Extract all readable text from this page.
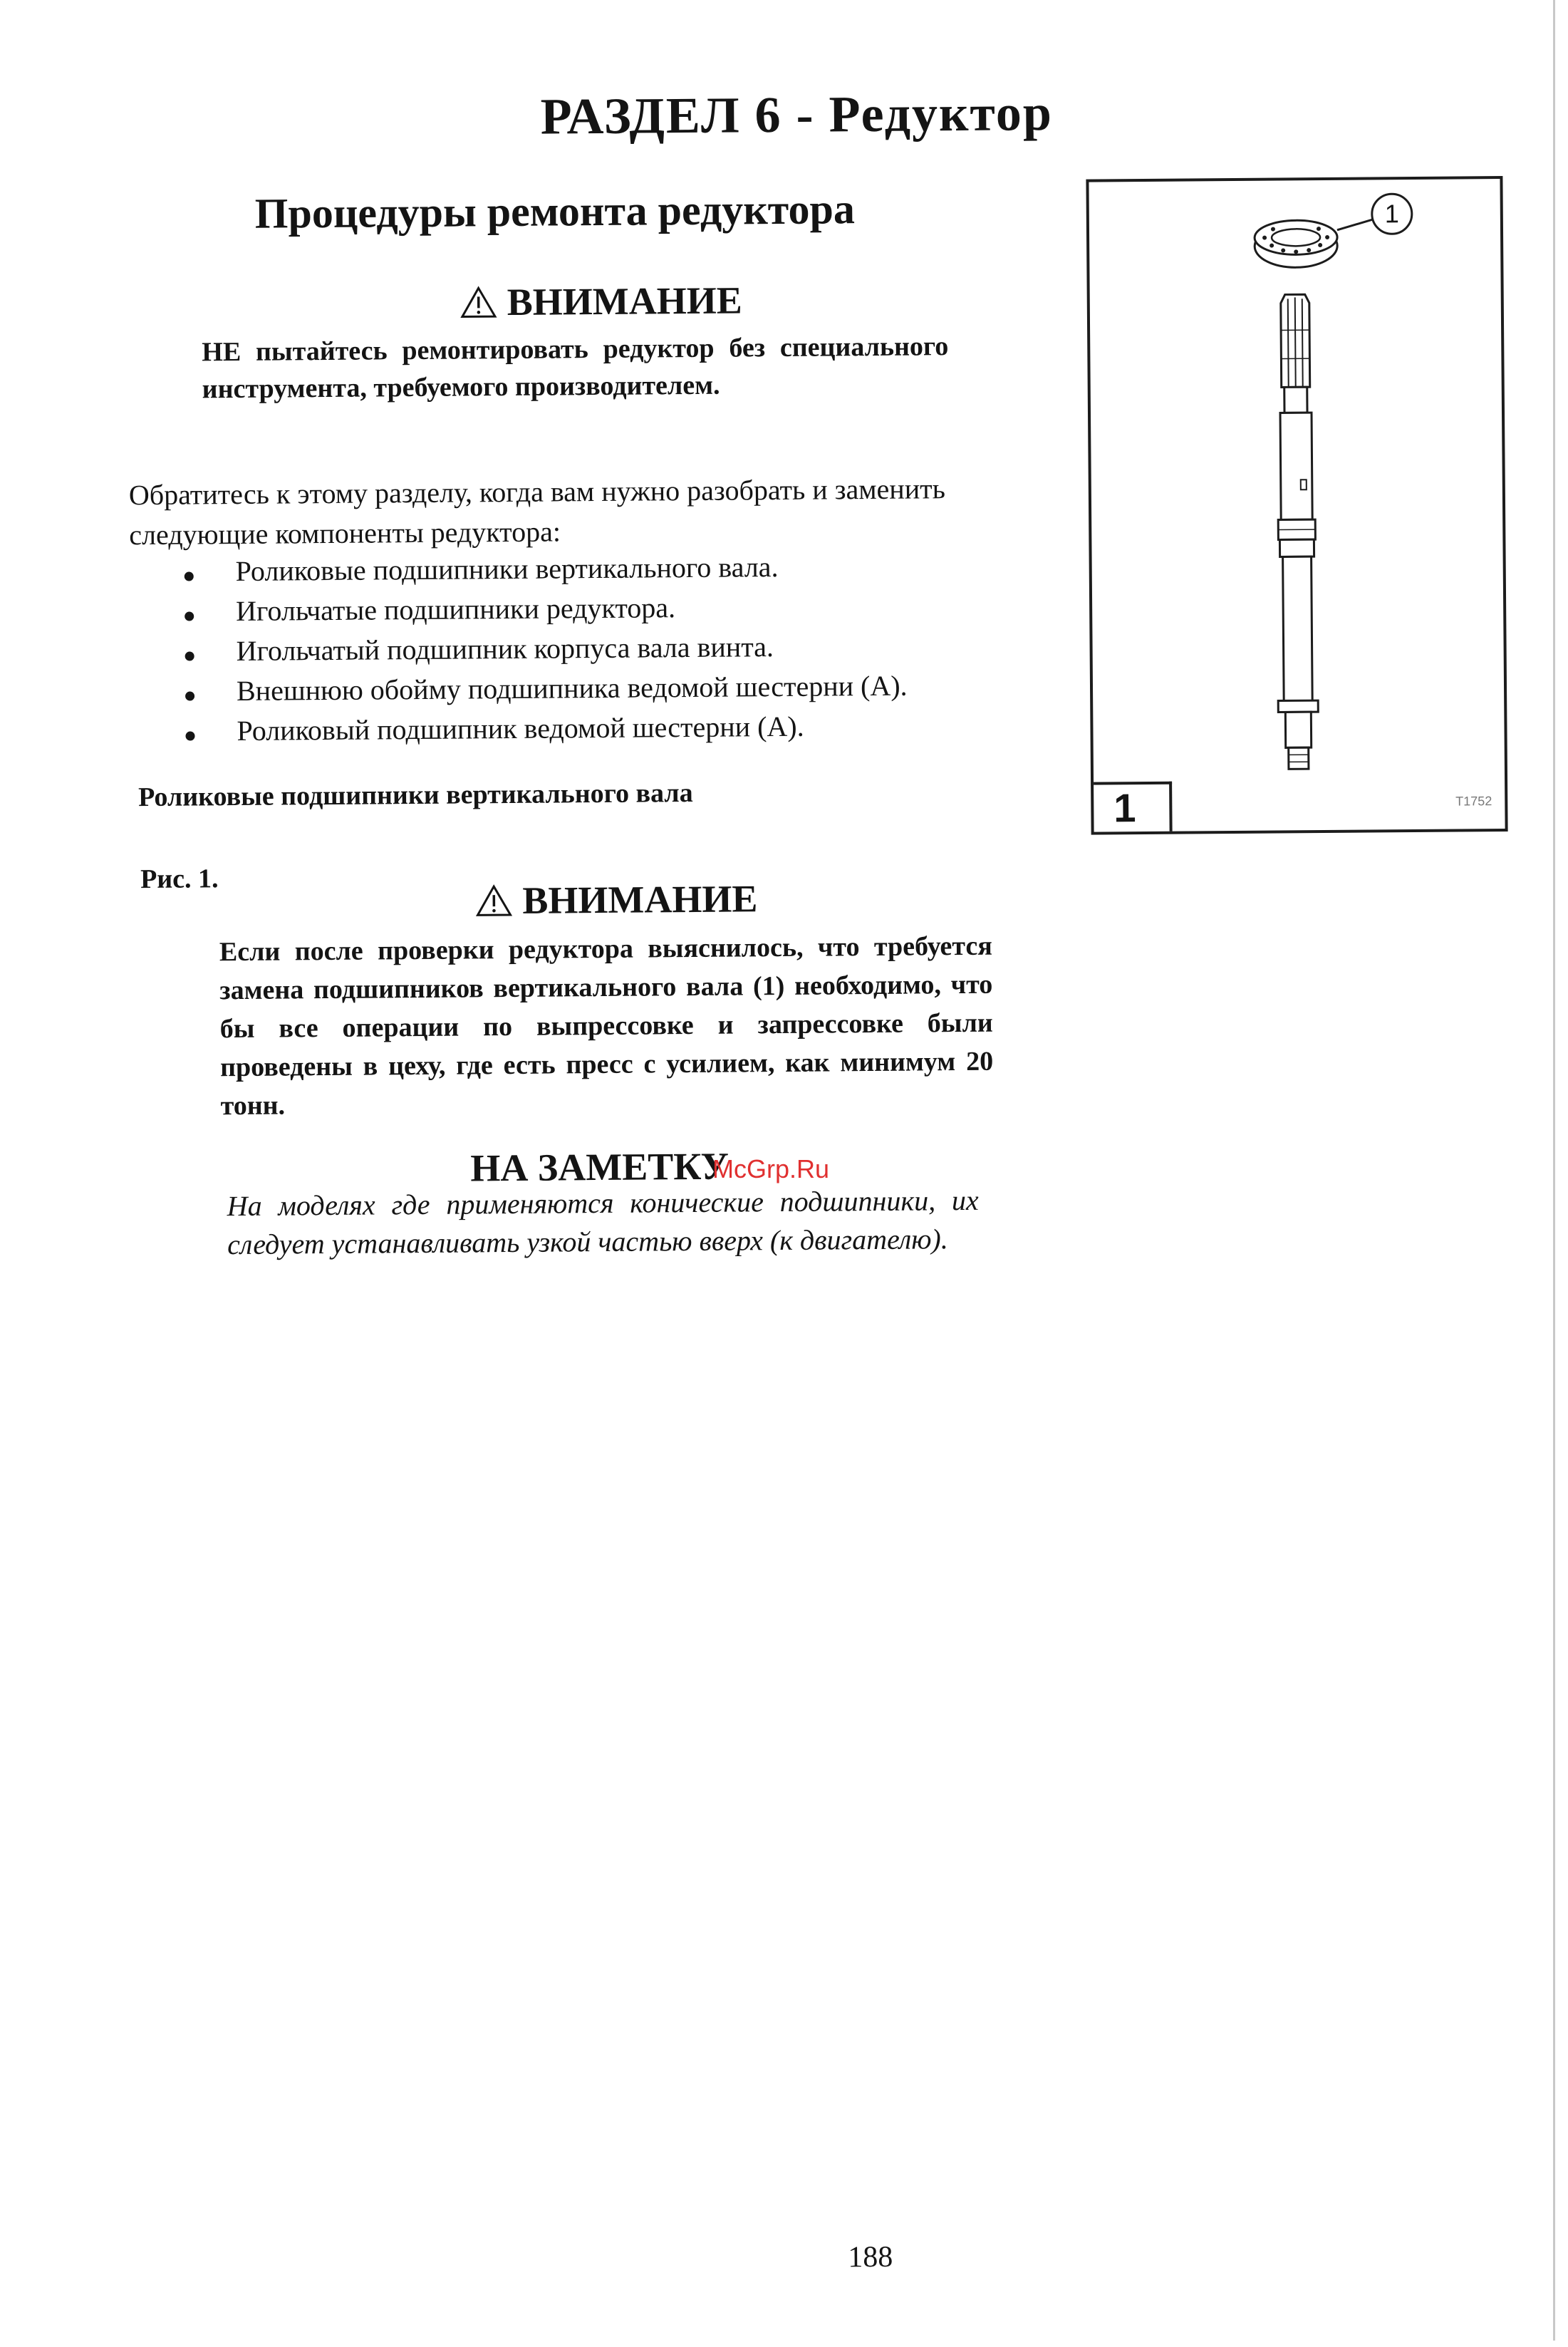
РАЗДЕЛ 6 - Редуктор
Процедуры ремонта редуктора
ВНИМАНИЕ
НЕ пытайтесь ремонтировать редуктор без специального инструмента, требуемого производителем.
Обратитесь к этому разделу, когда вам нужно разобрать и заменить следующие компоненты редуктора:
Роликовые подшипники вертикального вала.
Игольчатые подшипники редуктора.
Игольчатый подшипник корпуса вала винта.
Внешнюю обойму подшипника ведомой шестерни (А).
Роликовый подшипник ведомой шестерни (А).
Роликовые подшипники вертикального вала
Рис. 1.	ВНИМАНИЕ
Если после проверки редуктора выяснилось, что требуется замена подшипников вертикального вала (1) необходимо, что бы все операции по выпрессовке и запрессовке были проведены в цеху, где есть пресс с усилием, как минимум 20 тонн.
НА ЗАМЕТКУ
На моделях где применяются конические подшипники, их следует устанавливать узкой частью вверх (к двигателю).
1
1	T1752
188
McGrp.Ru
